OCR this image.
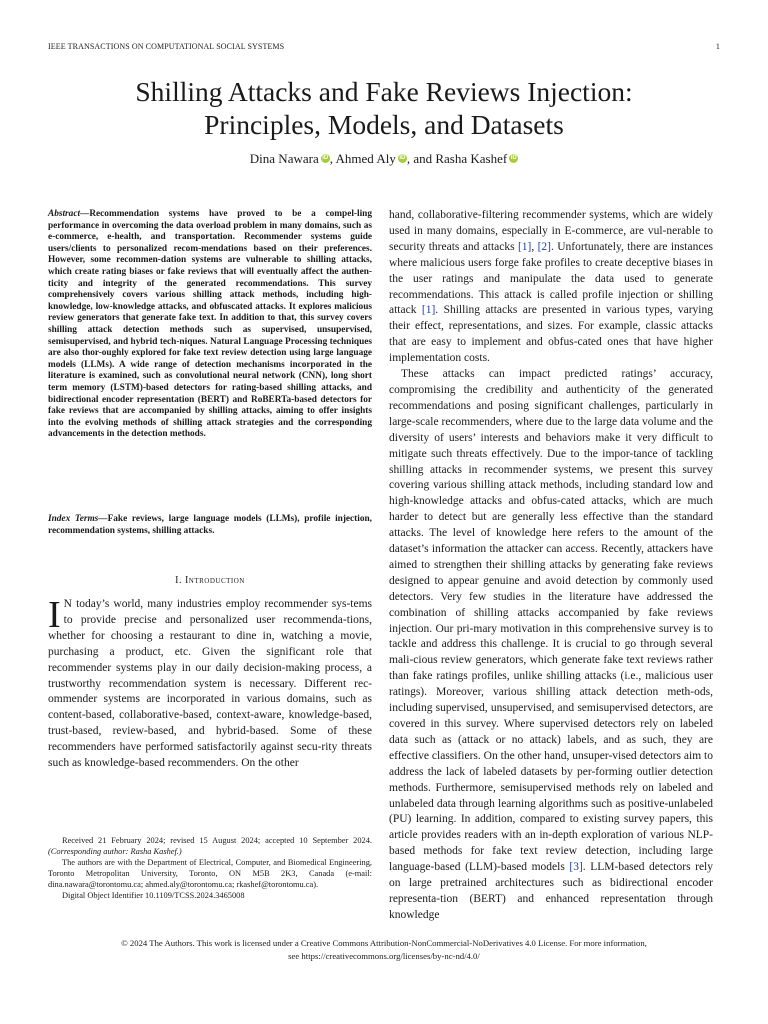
IEEE TRANSACTIONS ON COMPUTATIONAL SOCIAL SYSTEMS	1
Shilling Attacks and Fake Reviews Injection:
Principles, Models, and Datasets
Dina Nawara iD , Ahmed Aly iD , and Rasha Kashef iD
Abstract—Recommendation systems have proved to be a compel-ling performance in overcoming the data overload problem in many domains, such as e-commerce, e-health, and transportation. Recommender systems guide users/clients to personalized recom-mendations based on their preferences. However, some recommen-dation systems are vulnerable to shilling attacks, which create rating biases or fake reviews that will eventually affect the authen-ticity and integrity of the generated recommendations. This survey comprehensively covers various shilling attack methods, including high-knowledge, low-knowledge attacks, and obfuscated attacks. It explores malicious review generators that generate fake text. In addition to that, this survey covers shilling attack detection methods such as supervised, unsupervised, semisupervised, and hybrid tech-niques. Natural Language Processing techniques are also thor-oughly explored for fake text review detection using large language models (LLMs). A wide range of detection mechanisms incorporated in the literature is examined, such as convolutional neural network (CNN), long short term memory (LSTM)-based detectors for rating-based shilling attacks, and bidirectional encoder representation (BERT) and RoBERTa-based detectors for fake reviews that are accompanied by shilling attacks, aiming to offer insights into the evolving methods of shilling attack strategies and the corresponding advancements in the detection methods.
Index Terms—Fake reviews, large language models (LLMs), profile injection, recommendation systems, shilling attacks.
I. Introduction

I N today’s world, many industries employ recommender sys-tems to provide precise and personalized user recommenda-tions, whether for choosing a restaurant to dine in, watching a movie, purchasing a product, etc. Given the significant role that recommender systems play in our daily decision-making process, a trustworthy recommendation system is necessary. Different rec-ommender systems are incorporated in various domains, such as content-based, collaborative-based, context-aware, knowledge-based, trust-based, review-based, and hybrid-based. Some of these recommenders have performed satisfactorily against secu-rity threats such as knowledge-based recommenders. On the other

hand, collaborative-filtering recommender systems, which are widely used in many domains, especially in E-commerce, are vul-nerable to security threats and attacks [1], [2]. Unfortunately, there are instances where malicious users forge fake profiles to create deceptive biases in the user ratings and manipulate the data used to generate recommendations. This attack is called profile injection or shilling attack [1]. Shilling attacks are presented in various types, varying their effect, representations, and sizes. For example, classic attacks that are easy to implement and obfus-cated ones that have higher implementation costs.

These attacks can impact predicted ratings’ accuracy, compromising the credibility and authenticity of the generated recommendations and posing significant challenges, particularly in large-scale recommenders, where due to the large data volume and the diversity of users’ interests and behaviors make it very difficult to mitigate such threats effectively. Due to the impor-tance of tackling shilling attacks in recommender systems, we present this survey covering various shilling attack methods, including standard low and high-knowledge attacks and obfus-cated attacks, which are much harder to detect but are generally less effective than the standard attacks. The level of knowledge here refers to the amount of the dataset’s information the attacker can access. Recently, attackers have aimed to strengthen their shilling attacks by generating fake reviews designed to appear genuine and avoid detection by commonly used detectors. Very few studies in the literature have addressed the combination of shilling attacks accompanied by fake reviews injection. Our pri-mary motivation in this comprehensive survey is to tackle and address this challenge. It is crucial to go through several mali-cious review generators, which generate fake text reviews rather than fake ratings profiles, unlike shilling attacks (i.e., malicious user ratings). Moreover, various shilling attack detection meth-ods, including supervised, unsupervised, and semisupervised detectors, are covered in this survey. Where supervised detectors rely on labeled data such as (attack or no attack) labels, and as such, they are effective classifiers. On the other hand, unsuper-vised detectors aim to address the lack of labeled datasets by per-forming outlier detection methods. Furthermore, semisupervised methods rely on labeled and unlabeled data through learning algorithms such as positive-unlabeled (PU) learning. In addition, compared to existing survey papers, this article provides readers with an in-depth exploration of various NLP-based methods for fake text review detection, including large language-based (LLM)-based models [3]. LLM-based detectors rely on large pretrained architectures such as bidirectional encoder representa-tion (BERT) and enhanced representation through knowledge

Received 21 February 2024; revised 15 August 2024; accepted 10 September 2024. (Corresponding author: Rasha Kashef.)

The authors are with the Department of Electrical, Computer, and Biomedical Engineering, Toronto Metropolitan University, Toronto, ON M5B 2K3, Canada (e-mail: dina.nawara@torontomu.ca; ahmed.aly@torontomu.ca; rkashef@torontomu.ca).

Digital Object Identifier 10.1109/TCSS.2024.3465008

© 2024 The Authors. This work is licensed under a Creative Commons Attribution-NonCommercial-NoDerivatives 4.0 License. For more information,
see https://creativecommons.org/licenses/by-nc-nd/4.0/
